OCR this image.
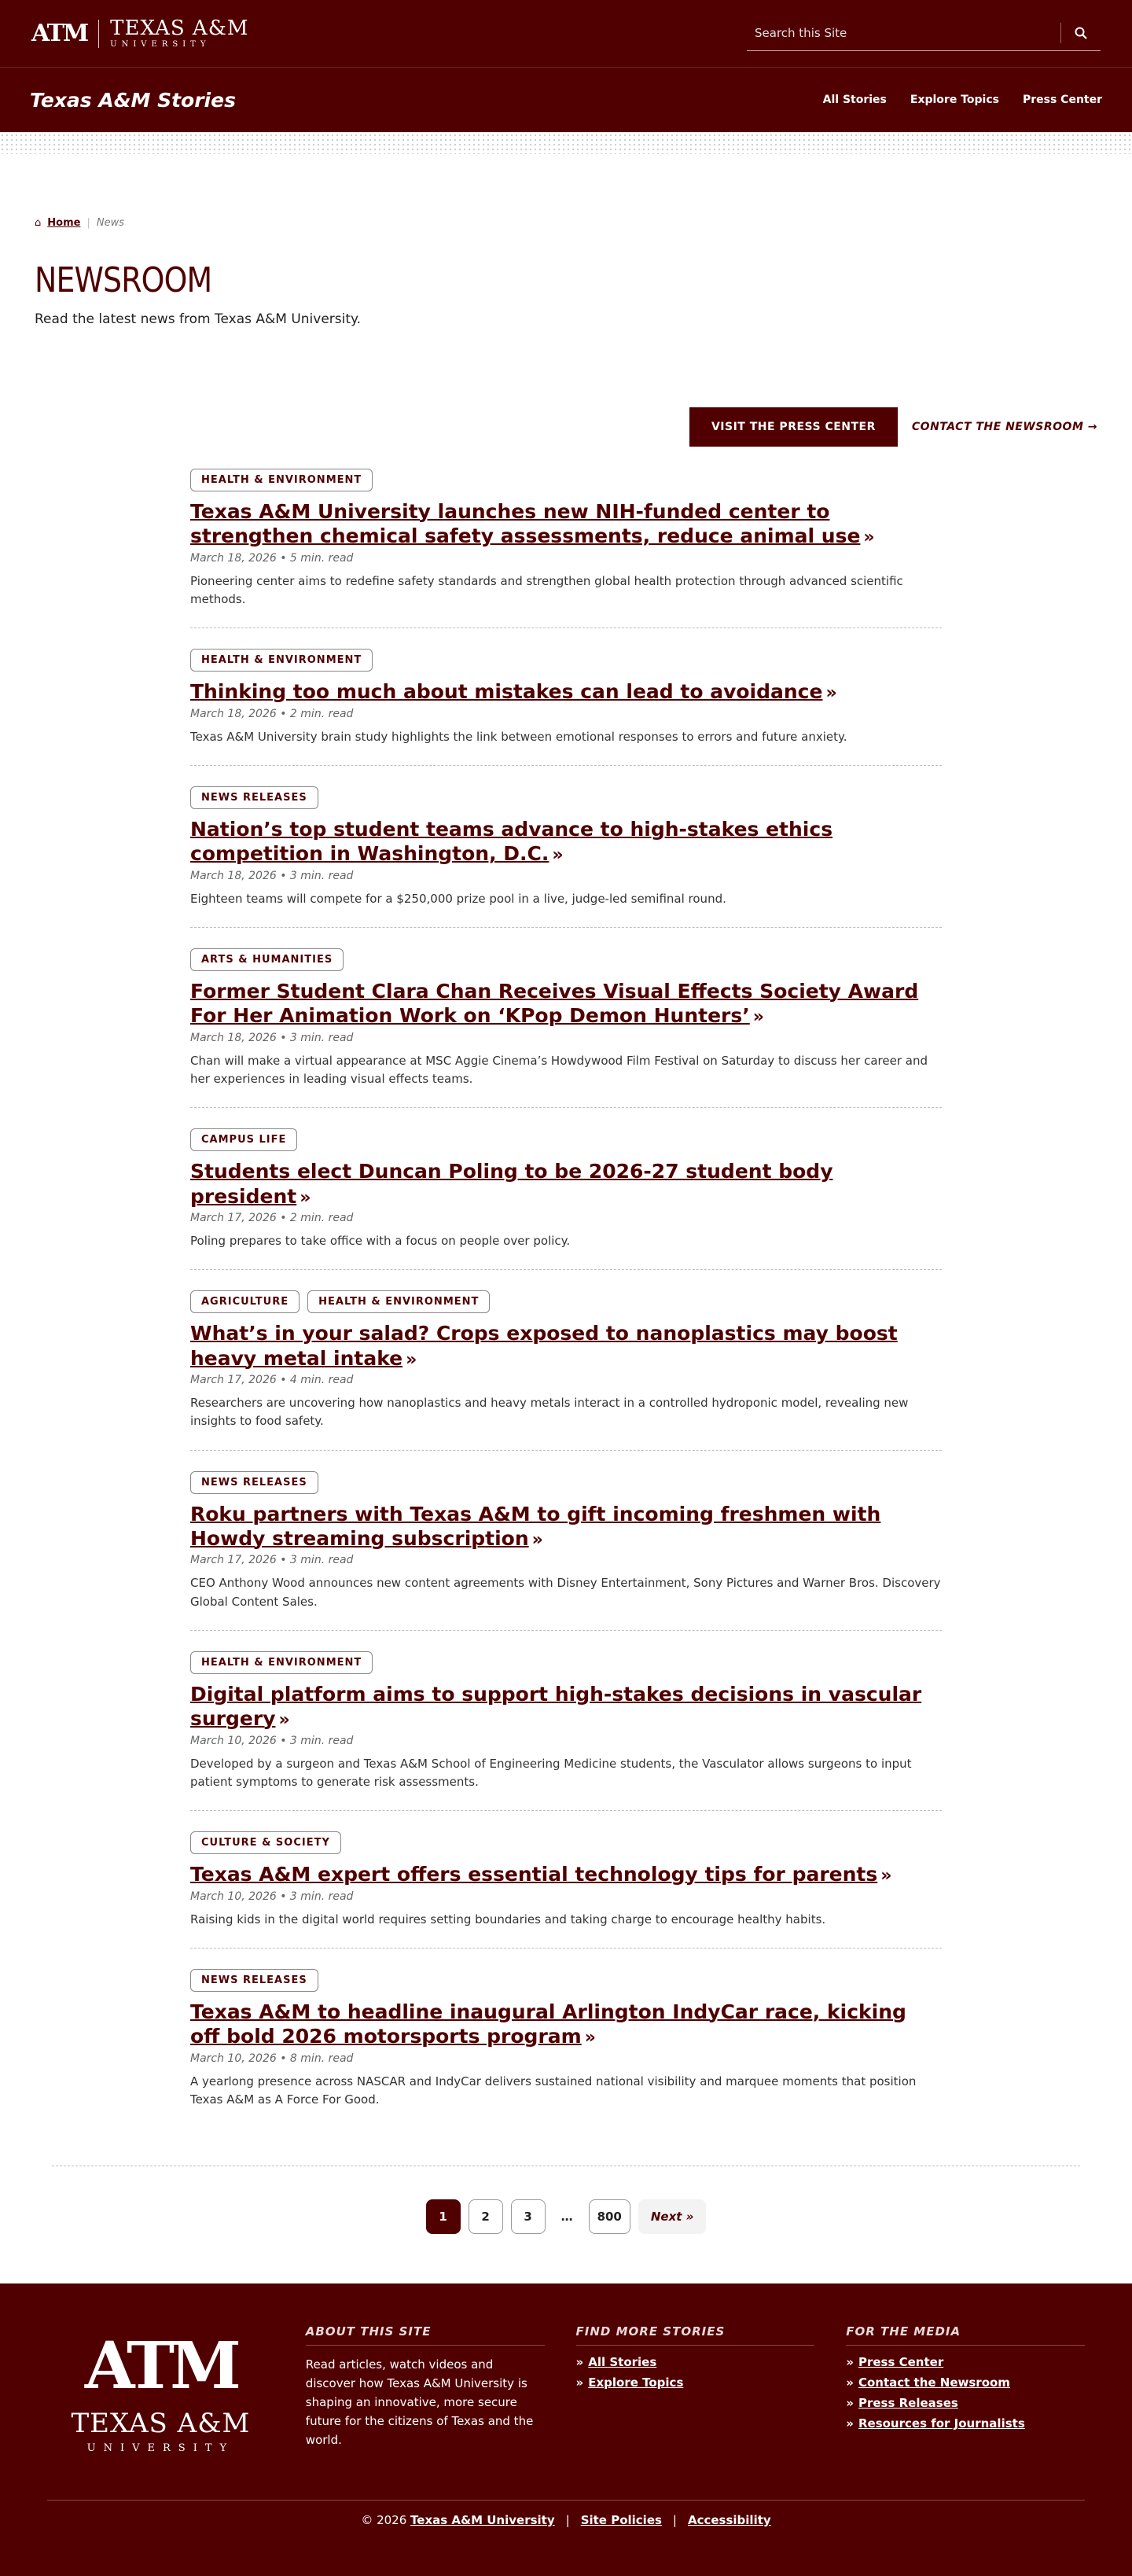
ATM TEXAS A&M
UNIVERSITY
Search this Site
Texas A&M Stories	All Stories Explore Topics Press Center
⌂ Home | News
NEWSROOM

Read the latest news from Texas A&M University.

VISIT THE PRESS CENTER	CONTACT THE NEWSROOM →
HEALTH & ENVIRONMENT
Texas A&M University launches new NIH-funded center to strengthen chemical safety assessments, reduce animal use »
March 18, 2026 • 5 min. read

Pioneering center aims to redefine safety standards and strengthen global health protection through advanced scientific methods.

HEALTH & ENVIRONMENT
Thinking too much about mistakes can lead to avoidance »
March 18, 2026 • 2 min. read

Texas A&M University brain study highlights the link between emotional responses to errors and future anxiety.

NEWS RELEASES
Nation’s top student teams advance to high-stakes ethics competition in Washington, D.C. »
March 18, 2026 • 3 min. read

Eighteen teams will compete for a $250,000 prize pool in a live, judge-led semifinal round.

ARTS & HUMANITIES
Former Student Clara Chan Receives Visual Effects Society Award For Her Animation Work on ‘KPop Demon Hunters’ »
March 18, 2026 • 3 min. read

Chan will make a virtual appearance at MSC Aggie Cinema’s Howdywood Film Festival on Saturday to discuss her career and her experiences in leading visual effects teams.

CAMPUS LIFE
Students elect Duncan Poling to be 2026-27 student body president »
March 17, 2026 • 2 min. read

Poling prepares to take office with a focus on people over policy.

AGRICULTURE	HEALTH & ENVIRONMENT
What’s in your salad? Crops exposed to nanoplastics may boost heavy metal intake »
March 17, 2026 • 4 min. read

Researchers are uncovering how nanoplastics and heavy metals interact in a controlled hydroponic model, revealing new insights to food safety.

NEWS RELEASES
Roku partners with Texas A&M to gift incoming freshmen with Howdy streaming subscription »
March 17, 2026 • 3 min. read

CEO Anthony Wood announces new content agreements with Disney Entertainment, Sony Pictures and Warner Bros. Discovery Global Content Sales.

HEALTH & ENVIRONMENT
Digital platform aims to support high-stakes decisions in vascular surgery »
March 10, 2026 • 3 min. read

Developed by a surgeon and Texas A&M School of Engineering Medicine students, the Vasculator allows surgeons to input patient symptoms to generate risk assessments.

CULTURE & SOCIETY
Texas A&M expert offers essential technology tips for parents »
March 10, 2026 • 3 min. read

Raising kids in the digital world requires setting boundaries and taking charge to encourage healthy habits.

NEWS RELEASES
Texas A&M to headline inaugural Arlington IndyCar race, kicking off bold 2026 motorsports program »
March 10, 2026 • 8 min. read

A yearlong presence across NASCAR and IndyCar delivers sustained national visibility and marquee moments that position Texas A&M as A Force For Good.

1	2	3	…	800	Next »
ATM
TEXAS A&M
UNIVERSITY
ABOUT THIS SITE

Read articles, watch videos and discover how Texas A&M University is shaping an innovative, more secure future for the citizens of Texas and the world.

FIND MORE STORIES
» All Stories
» Explore Topics
FOR THE MEDIA
» Press Center
» Contact the Newsroom
» Press Releases
» Resources for Journalists
© 2026 Texas A&M University | Site Policies | Accessibility
